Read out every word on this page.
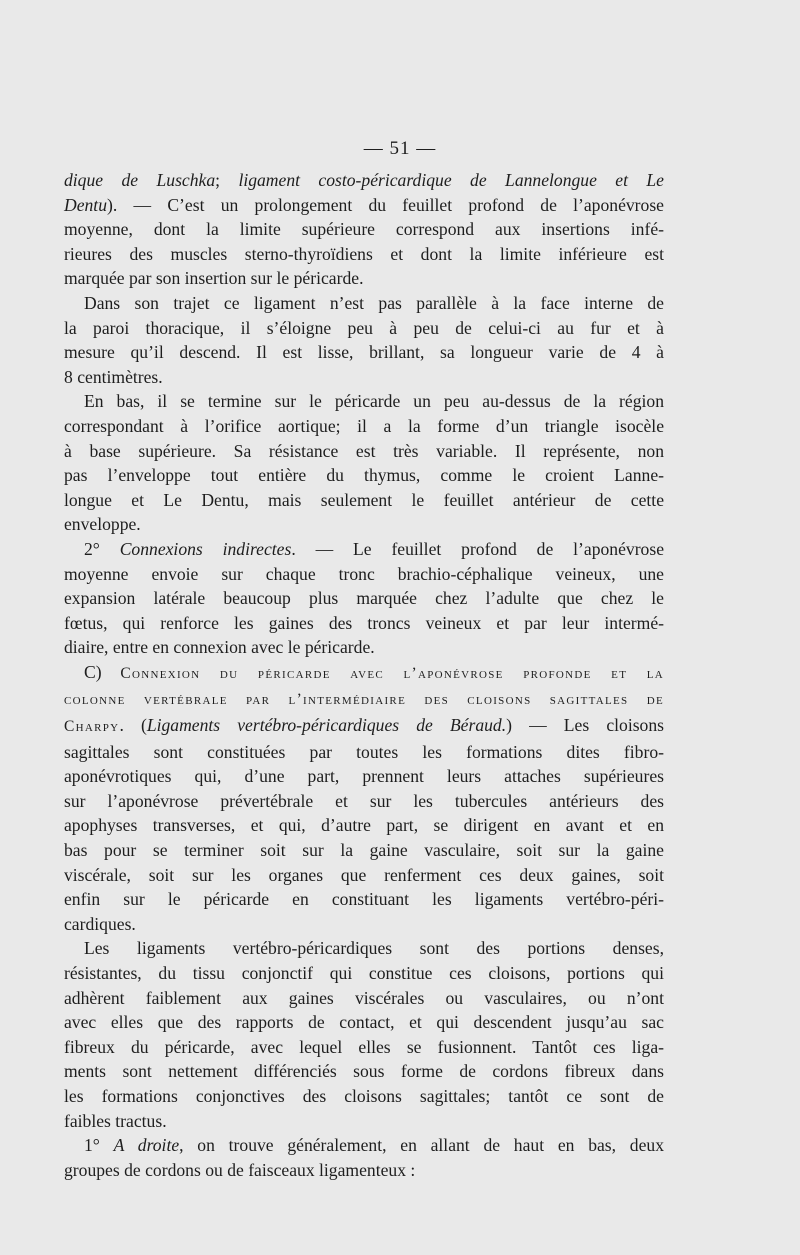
— 51 —

dique de Luschka; ligament costo-péricardique de Lannelongue et Le

Dentu). — C’est un prolongement du feuillet profond de l’aponévrose

moyenne, dont la limite supérieure correspond aux insertions infé-

rieures des muscles sterno-thyroïdiens et dont la limite inférieure est

marquée par son insertion sur le péricarde.

Dans son trajet ce ligament n’est pas parallèle à la face interne de

la paroi thoracique, il s’éloigne peu à peu de celui-ci au fur et à

mesure qu’il descend. Il est lisse, brillant, sa longueur varie de 4 à

8 centimètres.

En bas, il se termine sur le péricarde un peu au-dessus de la région

correspondant à l’orifice aortique; il a la forme d’un triangle isocèle

à base supérieure. Sa résistance est très variable. Il représente, non

pas l’enveloppe tout entière du thymus, comme le croient Lanne-

longue et Le Dentu, mais seulement le feuillet antérieur de cette

enveloppe.

2° Connexions indirectes. — Le feuillet profond de l’aponévrose

moyenne envoie sur chaque tronc brachio-céphalique veineux, une

expansion latérale beaucoup plus marquée chez l’adulte que chez le

fœtus, qui renforce les gaines des troncs veineux et par leur intermé-

diaire, entre en connexion avec le péricarde.

C) Connexion du péricarde avec l’aponévrose profonde et la

colonne vertébrale par l’intermédiaire des cloisons sagittales de

Charpy. (Ligaments vertébro-péricardiques de Béraud.) — Les cloisons

sagittales sont constituées par toutes les formations dites fibro-

aponévrotiques qui, d’une part, prennent leurs attaches supérieures

sur l’aponévrose prévertébrale et sur les tubercules antérieurs des

apophyses transverses, et qui, d’autre part, se dirigent en avant et en

bas pour se terminer soit sur la gaine vasculaire, soit sur la gaine

viscérale, soit sur les organes que renferment ces deux gaines, soit

enfin sur le péricarde en constituant les ligaments vertébro-péri-

cardiques.

Les ligaments vertébro-péricardiques sont des portions denses,

résistantes, du tissu conjonctif qui constitue ces cloisons, portions qui

adhèrent faiblement aux gaines viscérales ou vasculaires, ou n’ont

avec elles que des rapports de contact, et qui descendent jusqu’au sac

fibreux du péricarde, avec lequel elles se fusionnent. Tantôt ces liga-

ments sont nettement différenciés sous forme de cordons fibreux dans

les formations conjonctives des cloisons sagittales; tantôt ce sont de

faibles tractus.

1° A droite, on trouve généralement, en allant de haut en bas, deux

groupes de cordons ou de faisceaux ligamenteux :
